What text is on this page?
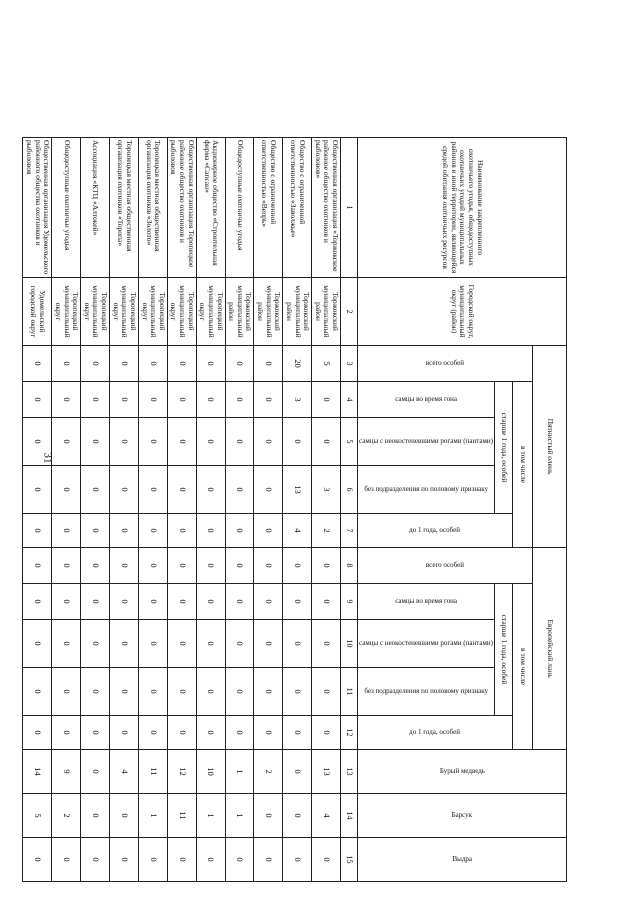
31
Наименование закрепленного охотничьего угодья, общедоступных охотничьих угодий муниципальных районов и иной территории, являющейся средой обитания охотничьих ресурсов	Городской округ, муниципальный округ (район)	Пятнистый олень					Европейский лань					Бурый медведь	Барсук	Выдра

		всего особей	в том числе				всего особей	в том числе						
			старше 1 года, особей			до 1 года, особей		старше 1 года, особей			до 1 года, особей			

			самцы во время гона	самцы с неокостеневшими рогами (пантами)	без подразделения по половому признаку			самцы во время гона	самцы с неокостеневшими рогами (пантами)	без подразделения по половому признаку				

1	2	3	4	5	6	7	8	9	10	11	12	13	14	15
Общественная организация «Торжокское районное общество охотников и рыболовов»	Торжокский муниципальный район	5	0	0	3	2	0	0	0	0	0	13	4	0
Общество с ограниченной ответственностью «Заволжье»	Торжокский муниципальный район	20	3	0	13	4	0	0	0	0	0	0	0	0
Общество с ограниченной ответственностью «Вепрь»	Торжокский муниципальный район	0	0	0	0	0	0	0	0	0	0	2	0	0
Общедоступные охотничьи угодья	Торжокский муниципальный район	0	0	0	0	0	0	0	0	0	0	1	1	0
Акционерное общество «Строительная фирма «Сапсан»	Торопецкий муниципальный округ	0	0	0	0	0	0	0	0	0	0	10	1	0
Общественная организация Торопецкое районное общество охотников и рыболовов	Торопецкий муниципальный округ	0	0	0	0	0	0	0	0	0	0	12	11	0
Торопецкая местная общественная организация охотников «Золото»	Торопецкий муниципальный округ	0	0	0	0	0	0	0	0	0	0	11	1	0
Торопецкая местная общественная организация охотников «Торопа»	Торопецкий муниципальный округ	0	0	0	0	0	0	0	0	0	0	4	0	0
Ассоциация «КТЦ «Алтокей»	Торопецкий муниципальный округ	0	0	0	0	0	0	0	0	0	0	0	0	0
Общедоступные охотничьи угодья	Торопецкий муниципальный округ	0	0	0	0	0	0	0	0	0	0	9	2	0
Общественная организация Удомельского районного общества охотников и рыболовов	Удомельский городской округ	0	0	0	0	0	0	0	0	0	0	14	5	0
